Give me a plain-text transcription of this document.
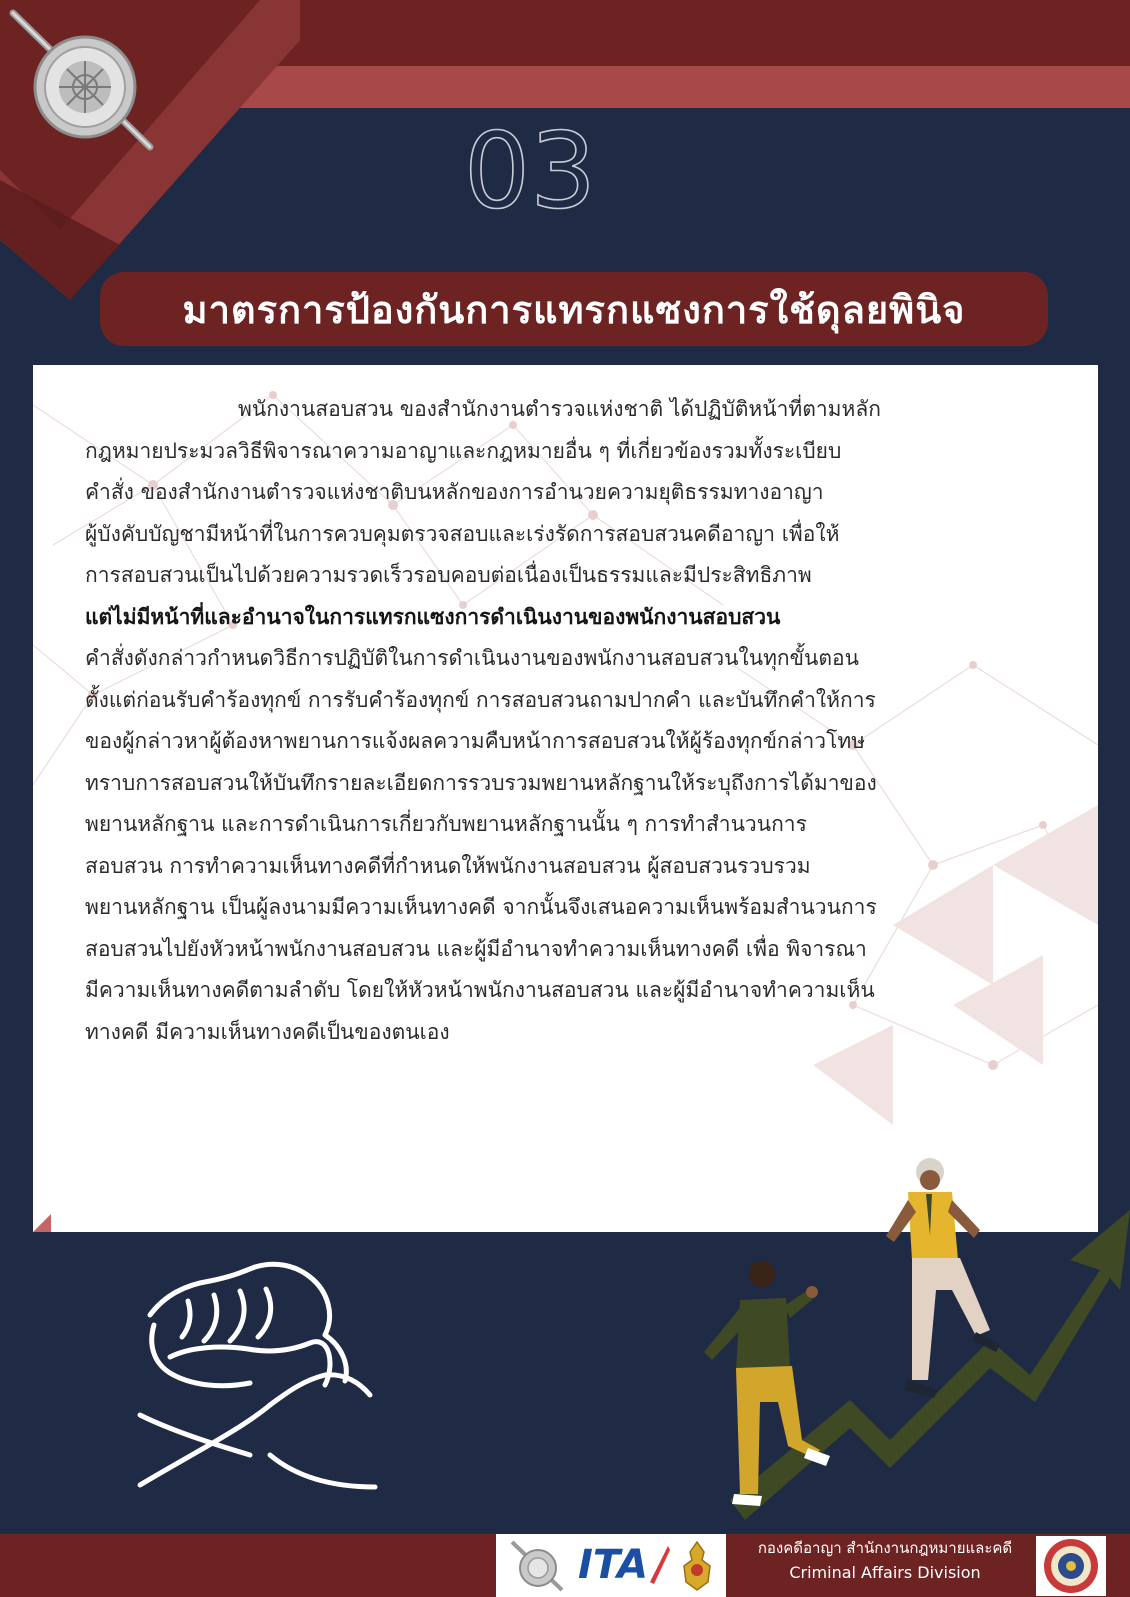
03
มาตรการป้องกันการแทรกแซงการใช้ดุลยพินิจ
พนักงานสอบสวน ของสำนักงานตำรวจแห่งชาติ ได้ปฏิบัติหน้าที่ตามหลัก
กฎหมายประมวลวิธีพิจารณาความอาญาและกฎหมายอื่น ๆ ที่เกี่ยวข้องรวมทั้งระเบียบ
คำสั่ง ของสำนักงานตำรวจแห่งชาติบนหลักของการอำนวยความยุติธรรมทางอาญา
ผู้บังคับบัญชามีหน้าที่ในการควบคุมตรวจสอบและเร่งรัดการสอบสวนคดีอาญา เพื่อให้
การสอบสวนเป็นไปด้วยความรวดเร็วรอบคอบต่อเนื่องเป็นธรรมและมีประสิทธิภาพ
แต่ไม่มีหน้าที่และอำนาจในการแทรกแซงการดำเนินงานของพนักงานสอบสวน
คำสั่งดังกล่าวกำหนดวิธีการปฏิบัติในการดำเนินงานของพนักงานสอบสวนในทุกขั้นตอน
ตั้งแต่ก่อนรับคำร้องทุกข์ การรับคำร้องทุกข์ การสอบสวนถามปากคำ และบันทึกคำให้การ
ของผู้กล่าวหาผู้ต้องหาพยานการแจ้งผลความคืบหน้าการสอบสวนให้ผู้ร้องทุกข์กล่าวโทษ
ทราบการสอบสวนให้บันทึกรายละเอียดการรวบรวมพยานหลักฐานให้ระบุถึงการได้มาของ
พยานหลักฐาน และการดำเนินการเกี่ยวกับพยานหลักฐานนั้น ๆ การทำสำนวนการ
สอบสวน การทำความเห็นทางคดีที่กำหนดให้พนักงานสอบสวน ผู้สอบสวนรวบรวม
พยานหลักฐาน เป็นผู้ลงนามมีความเห็นทางคดี จากนั้นจึงเสนอความเห็นพร้อมสำนวนการ
สอบสวนไปยังหัวหน้าพนักงานสอบสวน และผู้มีอำนาจทำความเห็นทางคดี เพื่อ พิจารณา
มีความเห็นทางคดีตามลำดับ โดยให้หัวหน้าพนักงานสอบสวน และผู้มีอำนาจทำความเห็น
ทางคดี มีความเห็นทางคดีเป็นของตนเอง
ITA	กองคดีอาญา สำนักงานกฎหมายและคดี
Criminal Affairs Division
